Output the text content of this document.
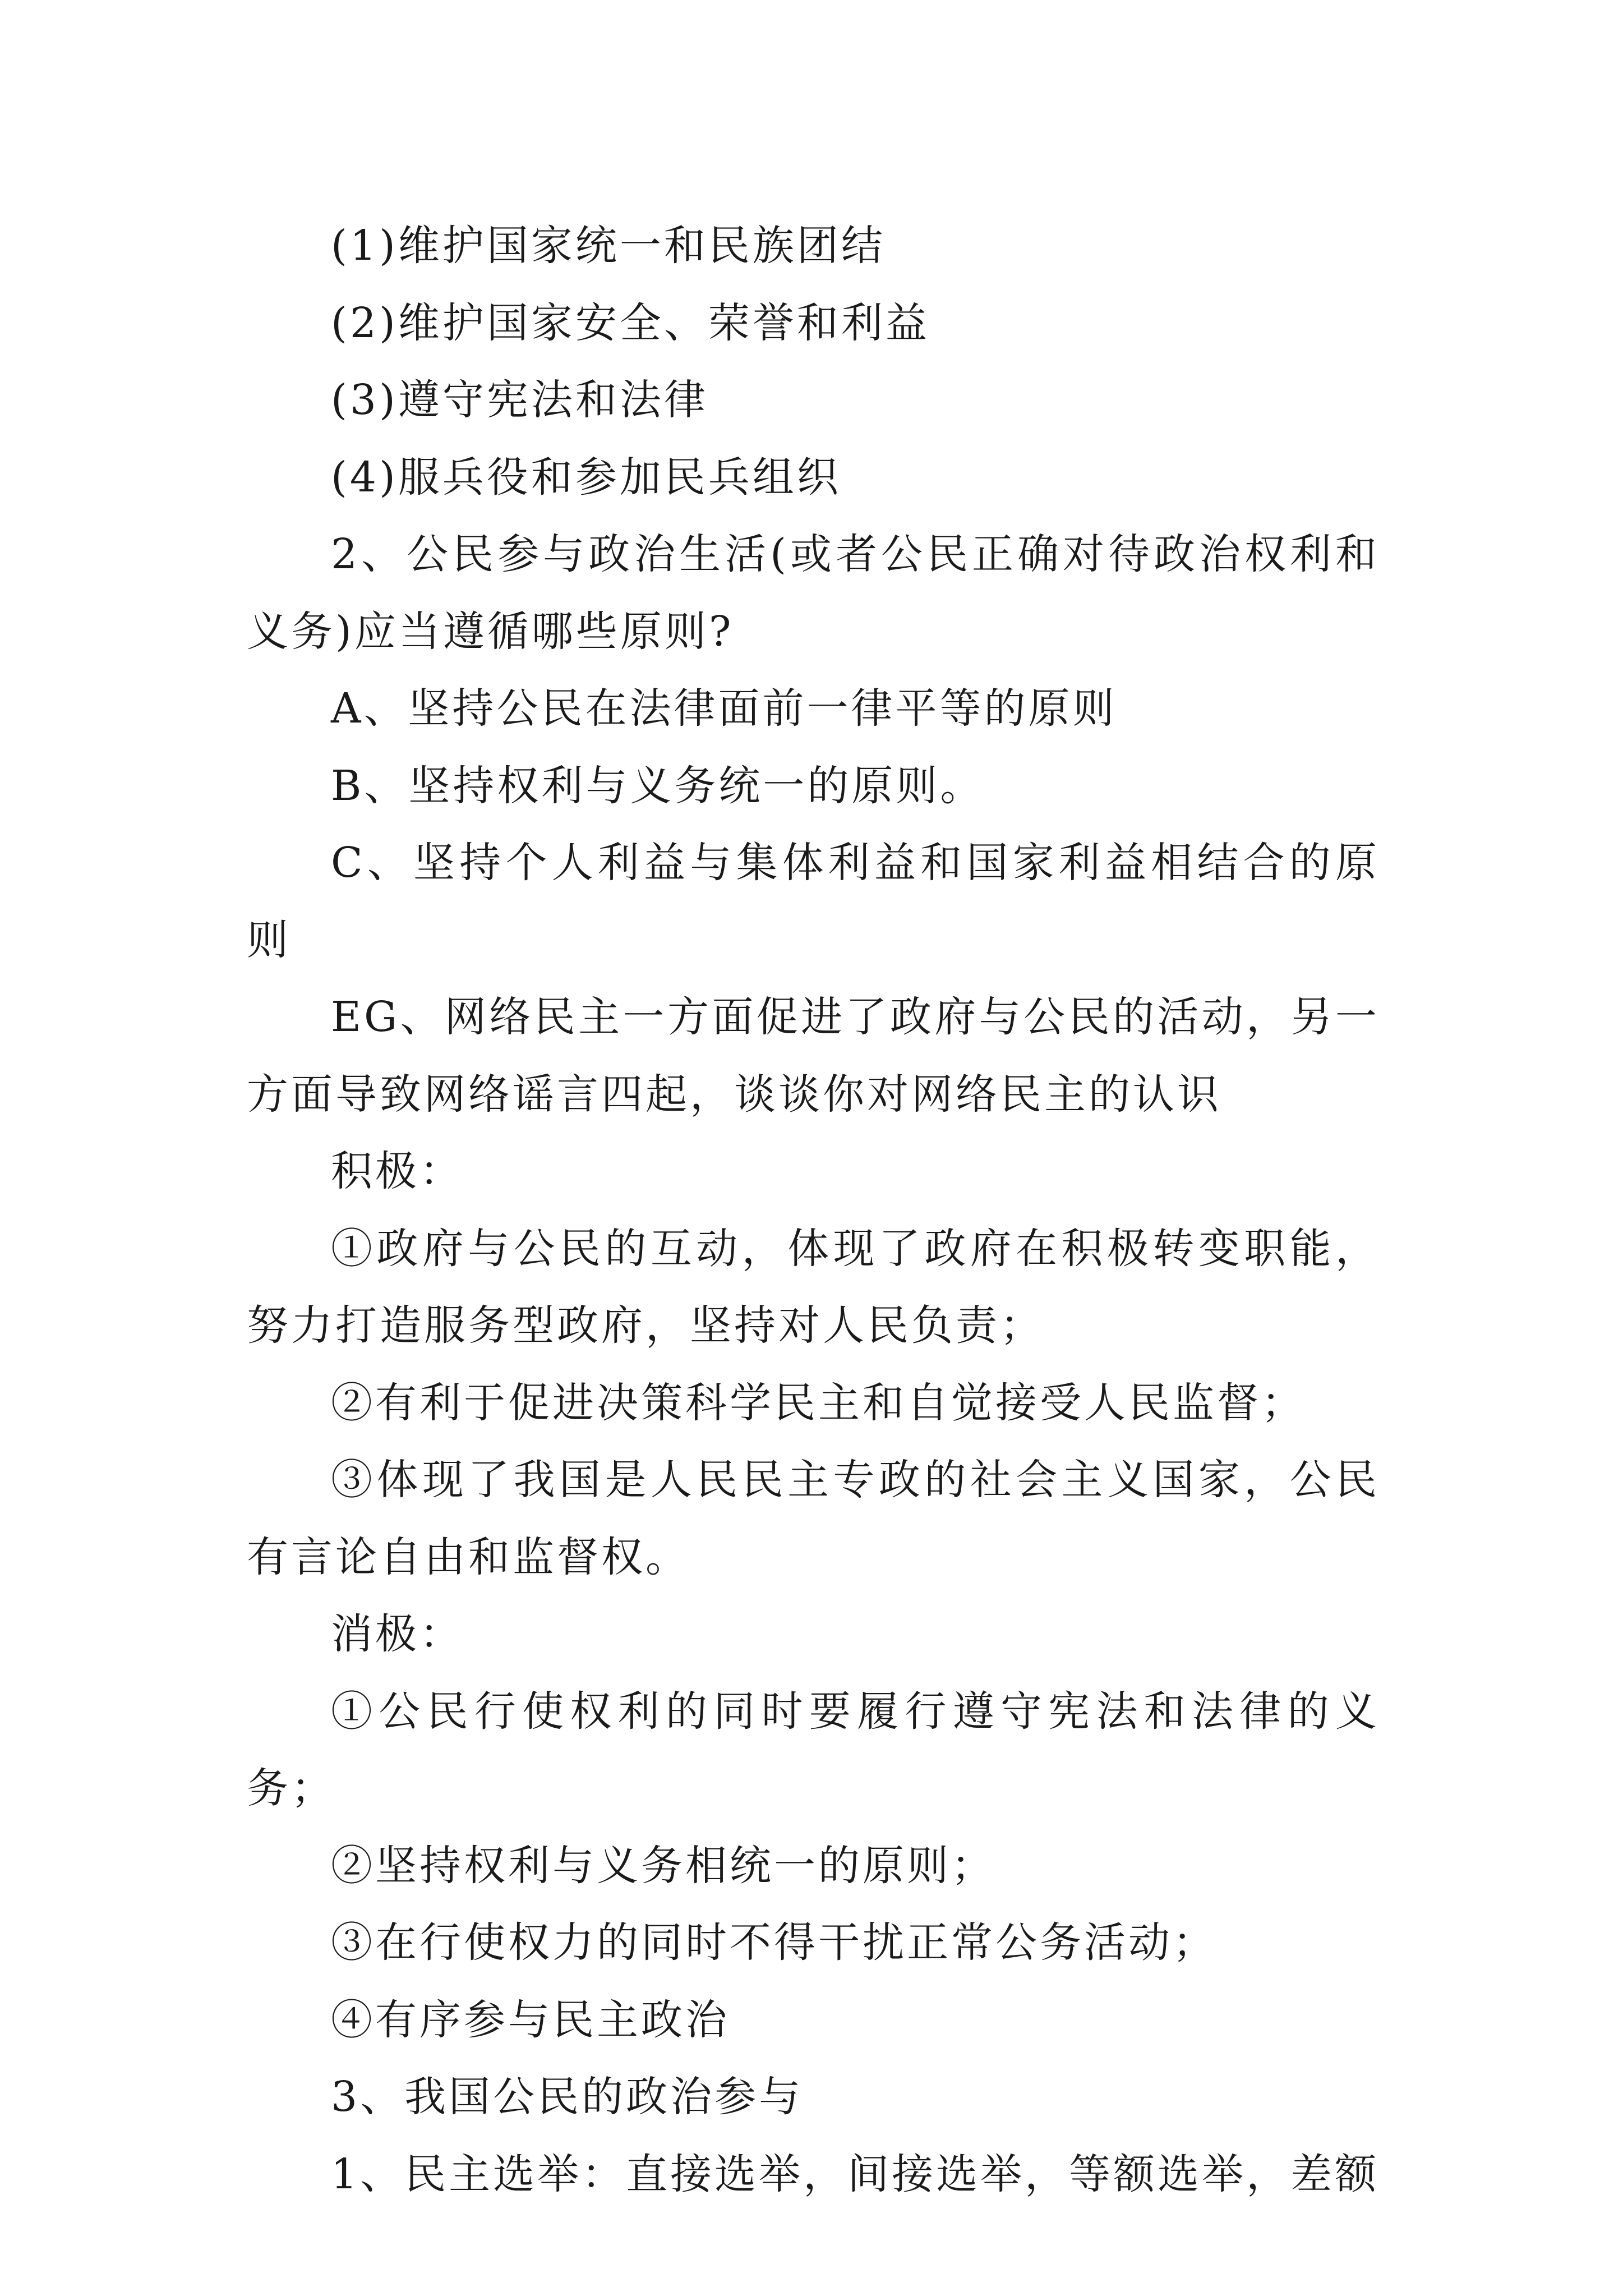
(1)维护国家统一和民族团结

(2)维护国家安全、荣誉和利益

(3)遵守宪法和法律

(4)服兵役和参加民兵组织

2、公民参与政治生活(或者公民正确对待政治权利和义务)应当遵循哪些原则?

A、坚持公民在法律面前一律平等的原则

B、坚持权利与义务统一的原则。

C、坚持个人利益与集体利益和国家利益相结合的原则

EG、网络民主一方面促进了政府与公民的活动，另一方面导致网络谣言四起，谈谈你对网络民主的认识

积极：

①政府与公民的互动，体现了政府在积极转变职能，努力打造服务型政府，坚持对人民负责；

②有利于促进决策科学民主和自觉接受人民监督；

③体现了我国是人民民主专政的社会主义国家，公民有言论自由和监督权。

消极：

①公民行使权利的同时要履行遵守宪法和法律的义务；

②坚持权利与义务相统一的原则；

③在行使权力的同时不得干扰正常公务活动；

④有序参与民主政治

3、我国公民的政治参与

1、民主选举：直接选举，间接选举，等额选举，差额
